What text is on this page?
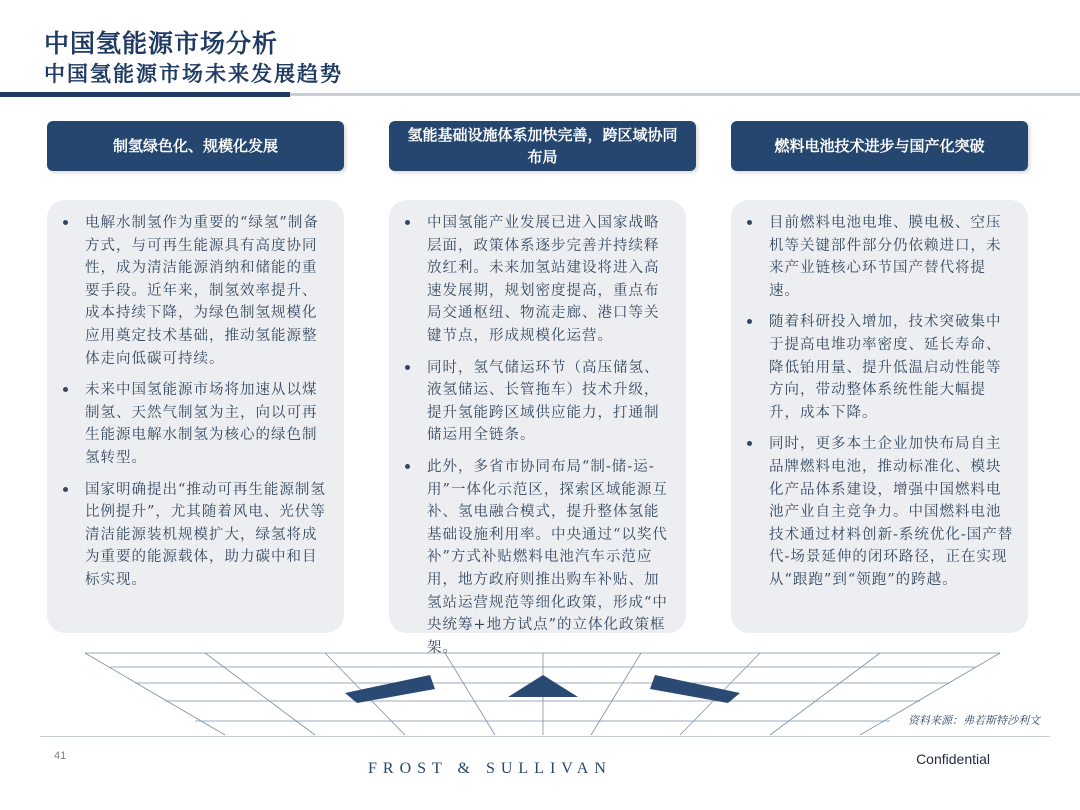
中国氢能源市场分析
中国氢能源市场未来发展趋势
制氢绿色化、规模化发展
电解水制氢作为重要的“绿氢”制备方式，与可再生能源具有高度协同性，成为清洁能源消纳和储能的重要手段。近年来，制氢效率提升、成本持续下降，为绿色制氢规模化应用奠定技术基础，推动氢能源整体走向低碳可持续。
未来中国氢能源市场将加速从以煤制氢、天然气制氢为主，向以可再生能源电解水制氢为核心的绿色制氢转型。
国家明确提出“推动可再生能源制氢比例提升”，尤其随着风电、光伏等清洁能源装机规模扩大，绿氢将成为重要的能源载体，助力碳中和目标实现。
氢能基础设施体系加快完善，跨区域协同布局
中国氢能产业发展已进入国家战略层面，政策体系逐步完善并持续释放红利。未来加氢站建设将进入高速发展期，规划密度提高，重点布局交通枢纽、物流走廊、港口等关键节点，形成规模化运营。
同时，氢气储运环节（高压储氢、液氢储运、长管拖车）技术升级，提升氢能跨区域供应能力，打通制储运用全链条。
此外，多省市协同布局“制-储-运-用”一体化示范区，探索区域能源互补、氢电融合模式，提升整体氢能基础设施利用率。中央通过“以奖代补”方式补贴燃料电池汽车示范应用，地方政府则推出购车补贴、加氢站运营规范等细化政策，形成“中央统筹+地方试点”的立体化政策框架。
燃料电池技术进步与国产化突破
目前燃料电池电堆、膜电极、空压机等关键部件部分仍依赖进口，未来产业链核心环节国产替代将提速。
随着科研投入增加，技术突破集中于提高电堆功率密度、延长寿命、降低铂用量、提升低温启动性能等方向，带动整体系统性能大幅提升，成本下降。
同时，更多本土企业加快布局自主品牌燃料电池，推动标准化、模块化产品体系建设，增强中国燃料电池产业自主竞争力。中国燃料电池技术通过材料创新-系统优化-国产替代-场景延伸的闭环路径，正在实现从“跟跑”到“领跑”的跨越。
资料来源：弗若斯特沙利文
41
FROST & SULLIVAN
Confidential
